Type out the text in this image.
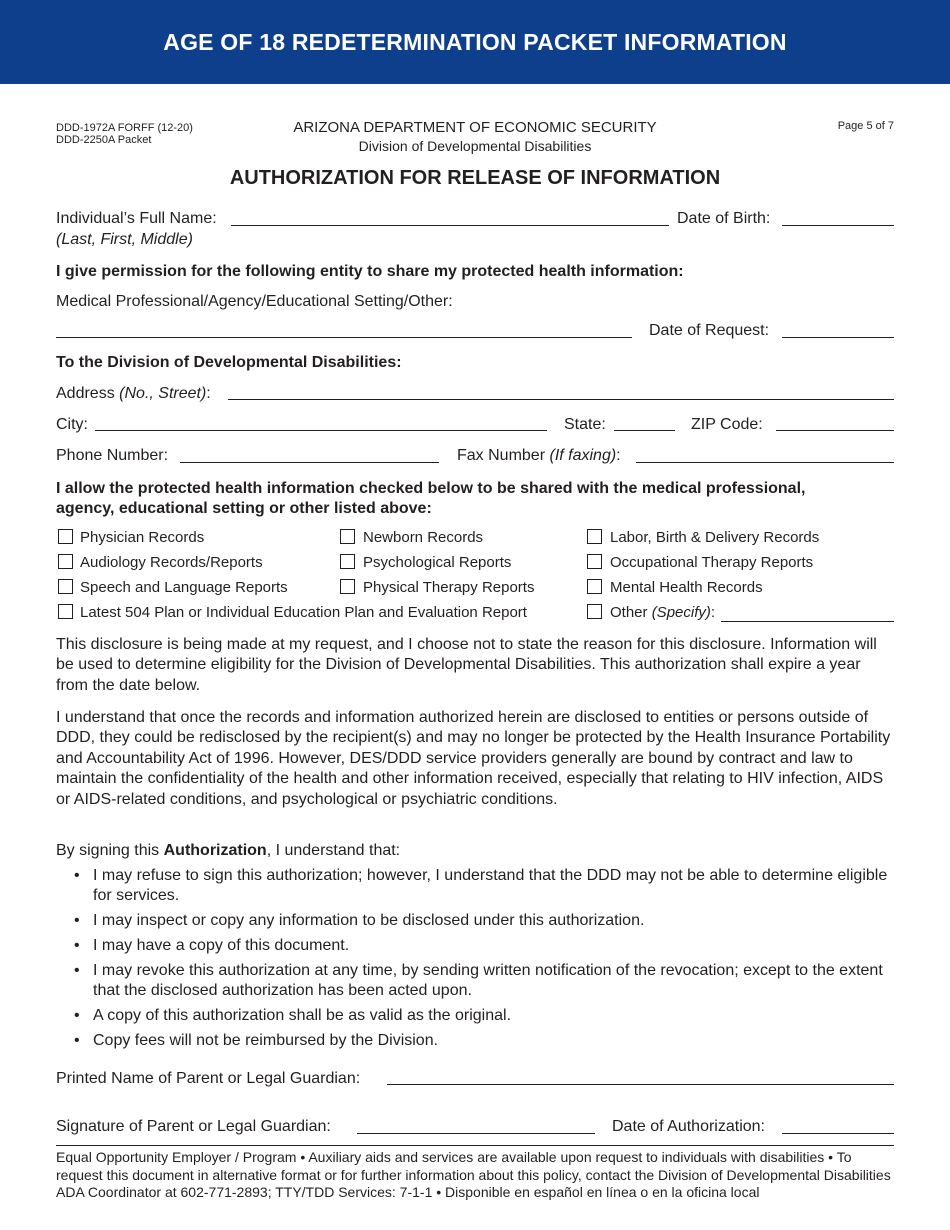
AGE OF 18 REDETERMINATION PACKET INFORMATION
DDD-1972A FORFF (12-20)
DDD-2250A Packet
ARIZONA DEPARTMENT OF ECONOMIC SECURITY
Division of Developmental Disabilities
Page 5 of 7
AUTHORIZATION FOR RELEASE OF INFORMATION
Individual’s Full Name:
(Last, First, Middle)
Date of Birth:
I give permission for the following entity to share my protected health information:
Medical Professional/Agency/Educational Setting/Other:
Date of Request:
To the Division of Developmental Disabilities:
Address (No., Street):
City:	State:	ZIP Code:
Phone Number:	Fax Number (If faxing):
I allow the protected health information checked below to be shared with the medical professional,
agency, educational setting or other listed above:
Physician Records	Newborn Records	Labor, Birth & Delivery Records
Audiology Records/Reports	Psychological Reports	Occupational Therapy Reports
Speech and Language Reports	Physical Therapy Reports	Mental Health Records
Latest 504 Plan or Individual Education Plan and Evaluation Report	Other (Specify):
This disclosure is being made at my request, and I choose not to state the reason for this disclosure. Information will be used to determine eligibility for the Division of Developmental Disabilities. This authorization shall expire a year from the date below.
I understand that once the records and information authorized herein are disclosed to entities or persons outside of DDD, they could be redisclosed by the recipient(s) and may no longer be protected by the Health Insurance Portability and Accountability Act of 1996. However, DES/DDD service providers generally are bound by contract and law to maintain the confidentiality of the health and other information received, especially that relating to HIV infection, AIDS or AIDS-related conditions, and psychological or psychiatric conditions.
By signing this Authorization, I understand that:
• I may refuse to sign this authorization; however, I understand that the DDD may not be able to determine eligible for services.
• I may inspect or copy any information to be disclosed under this authorization.
• I may have a copy of this document.
• I may revoke this authorization at any time, by sending written notification of the revocation; except to the extent that the disclosed authorization has been acted upon.
• A copy of this authorization shall be as valid as the original.
• Copy fees will not be reimbursed by the Division.
Printed Name of Parent or Legal Guardian:
Signature of Parent or Legal Guardian:	Date of Authorization:
Equal Opportunity Employer / Program • Auxiliary aids and services are available upon request to individuals with disabilities • To request this document in alternative format or for further information about this policy, contact the Division of Developmental Disabilities ADA Coordinator at 602-771-2893; TTY/TDD Services: 7-1-1 • Disponible en español en línea o en la oficina local
